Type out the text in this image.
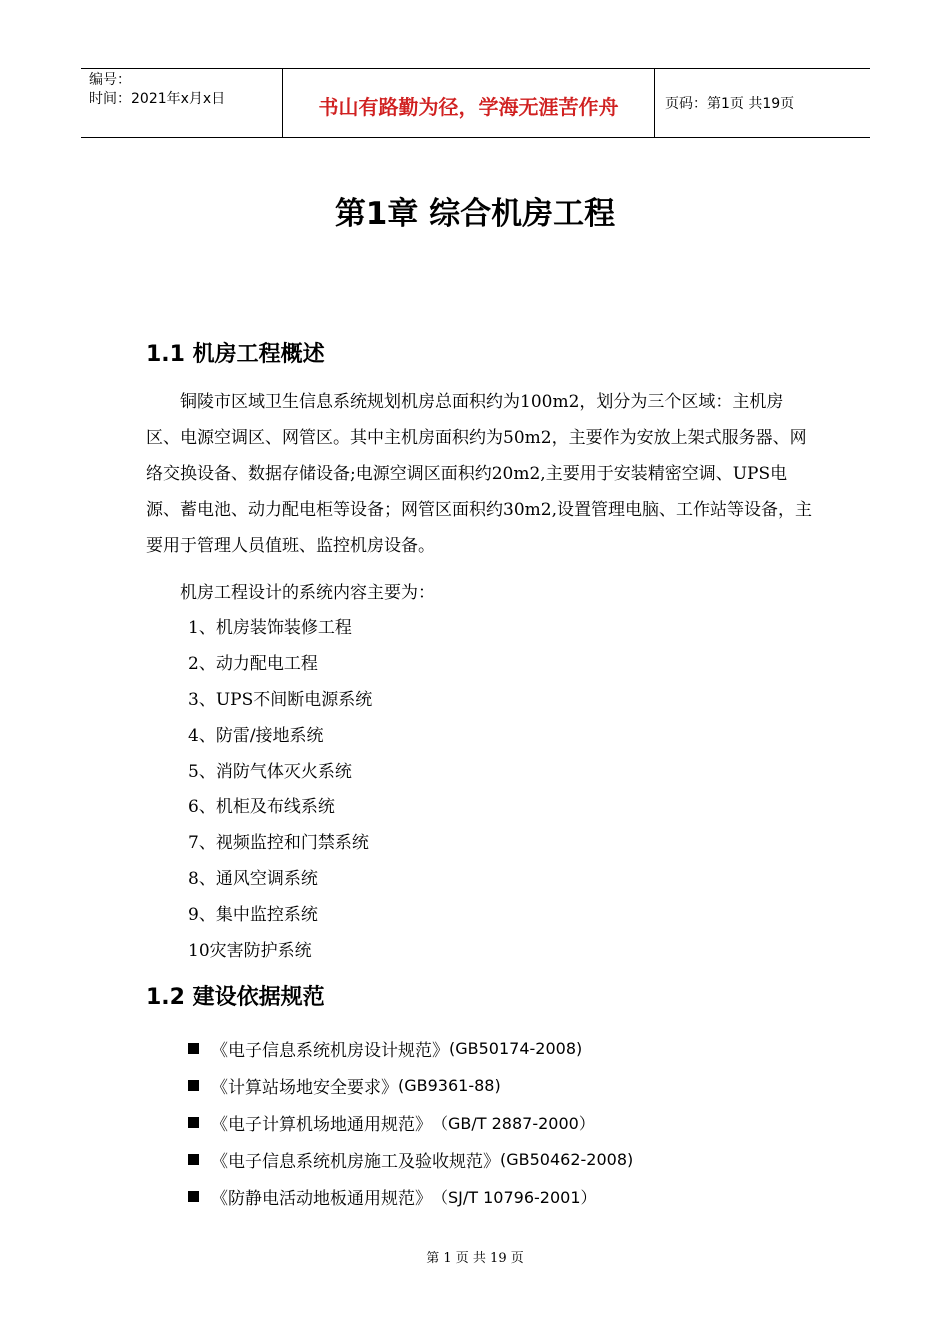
编号：
时间：2021年x月x日	书山有路勤为径，学海无涯苦作舟	页码：第1页 共19页
第1章 综合机房工程
1.1 机房工程概述

铜陵市区域卫生信息系统规划机房总面积约为100m2，划分为三个区域：主机房区、电源空调区、网管区。其中主机房面积约为50m2，主要作为安放上架式服务器、网络交换设备、数据存储设备;电源空调区面积约20m2,主要用于安装精密空调、UPS电源、蓄电池、动力配电柜等设备；网管区面积约30m2,设置管理电脑、工作站等设备，主要用于管理人员值班、监控机房设备。

机房工程设计的系统内容主要为：
1、机房装饰装修工程
2、动力配电工程
3、UPS不间断电源系统
4、防雷/接地系统
5、消防气体灭火系统
6、机柜及布线系统
7、视频监控和门禁系统
8、通风空调系统
9、集中监控系统
10灾害防护系统
1.2 建设依据规范
《电子信息系统机房设计规范》 (GB50174-2008)
《计算站场地安全要求》 (GB9361-88)
《电子计算机场地通用规范》 （GB/T 2887-2000）
《电子信息系统机房施工及验收规范》 (GB50462-2008)
《防静电活动地板通用规范》 （SJ/T 10796-2001）
第 1 页 共 19 页
